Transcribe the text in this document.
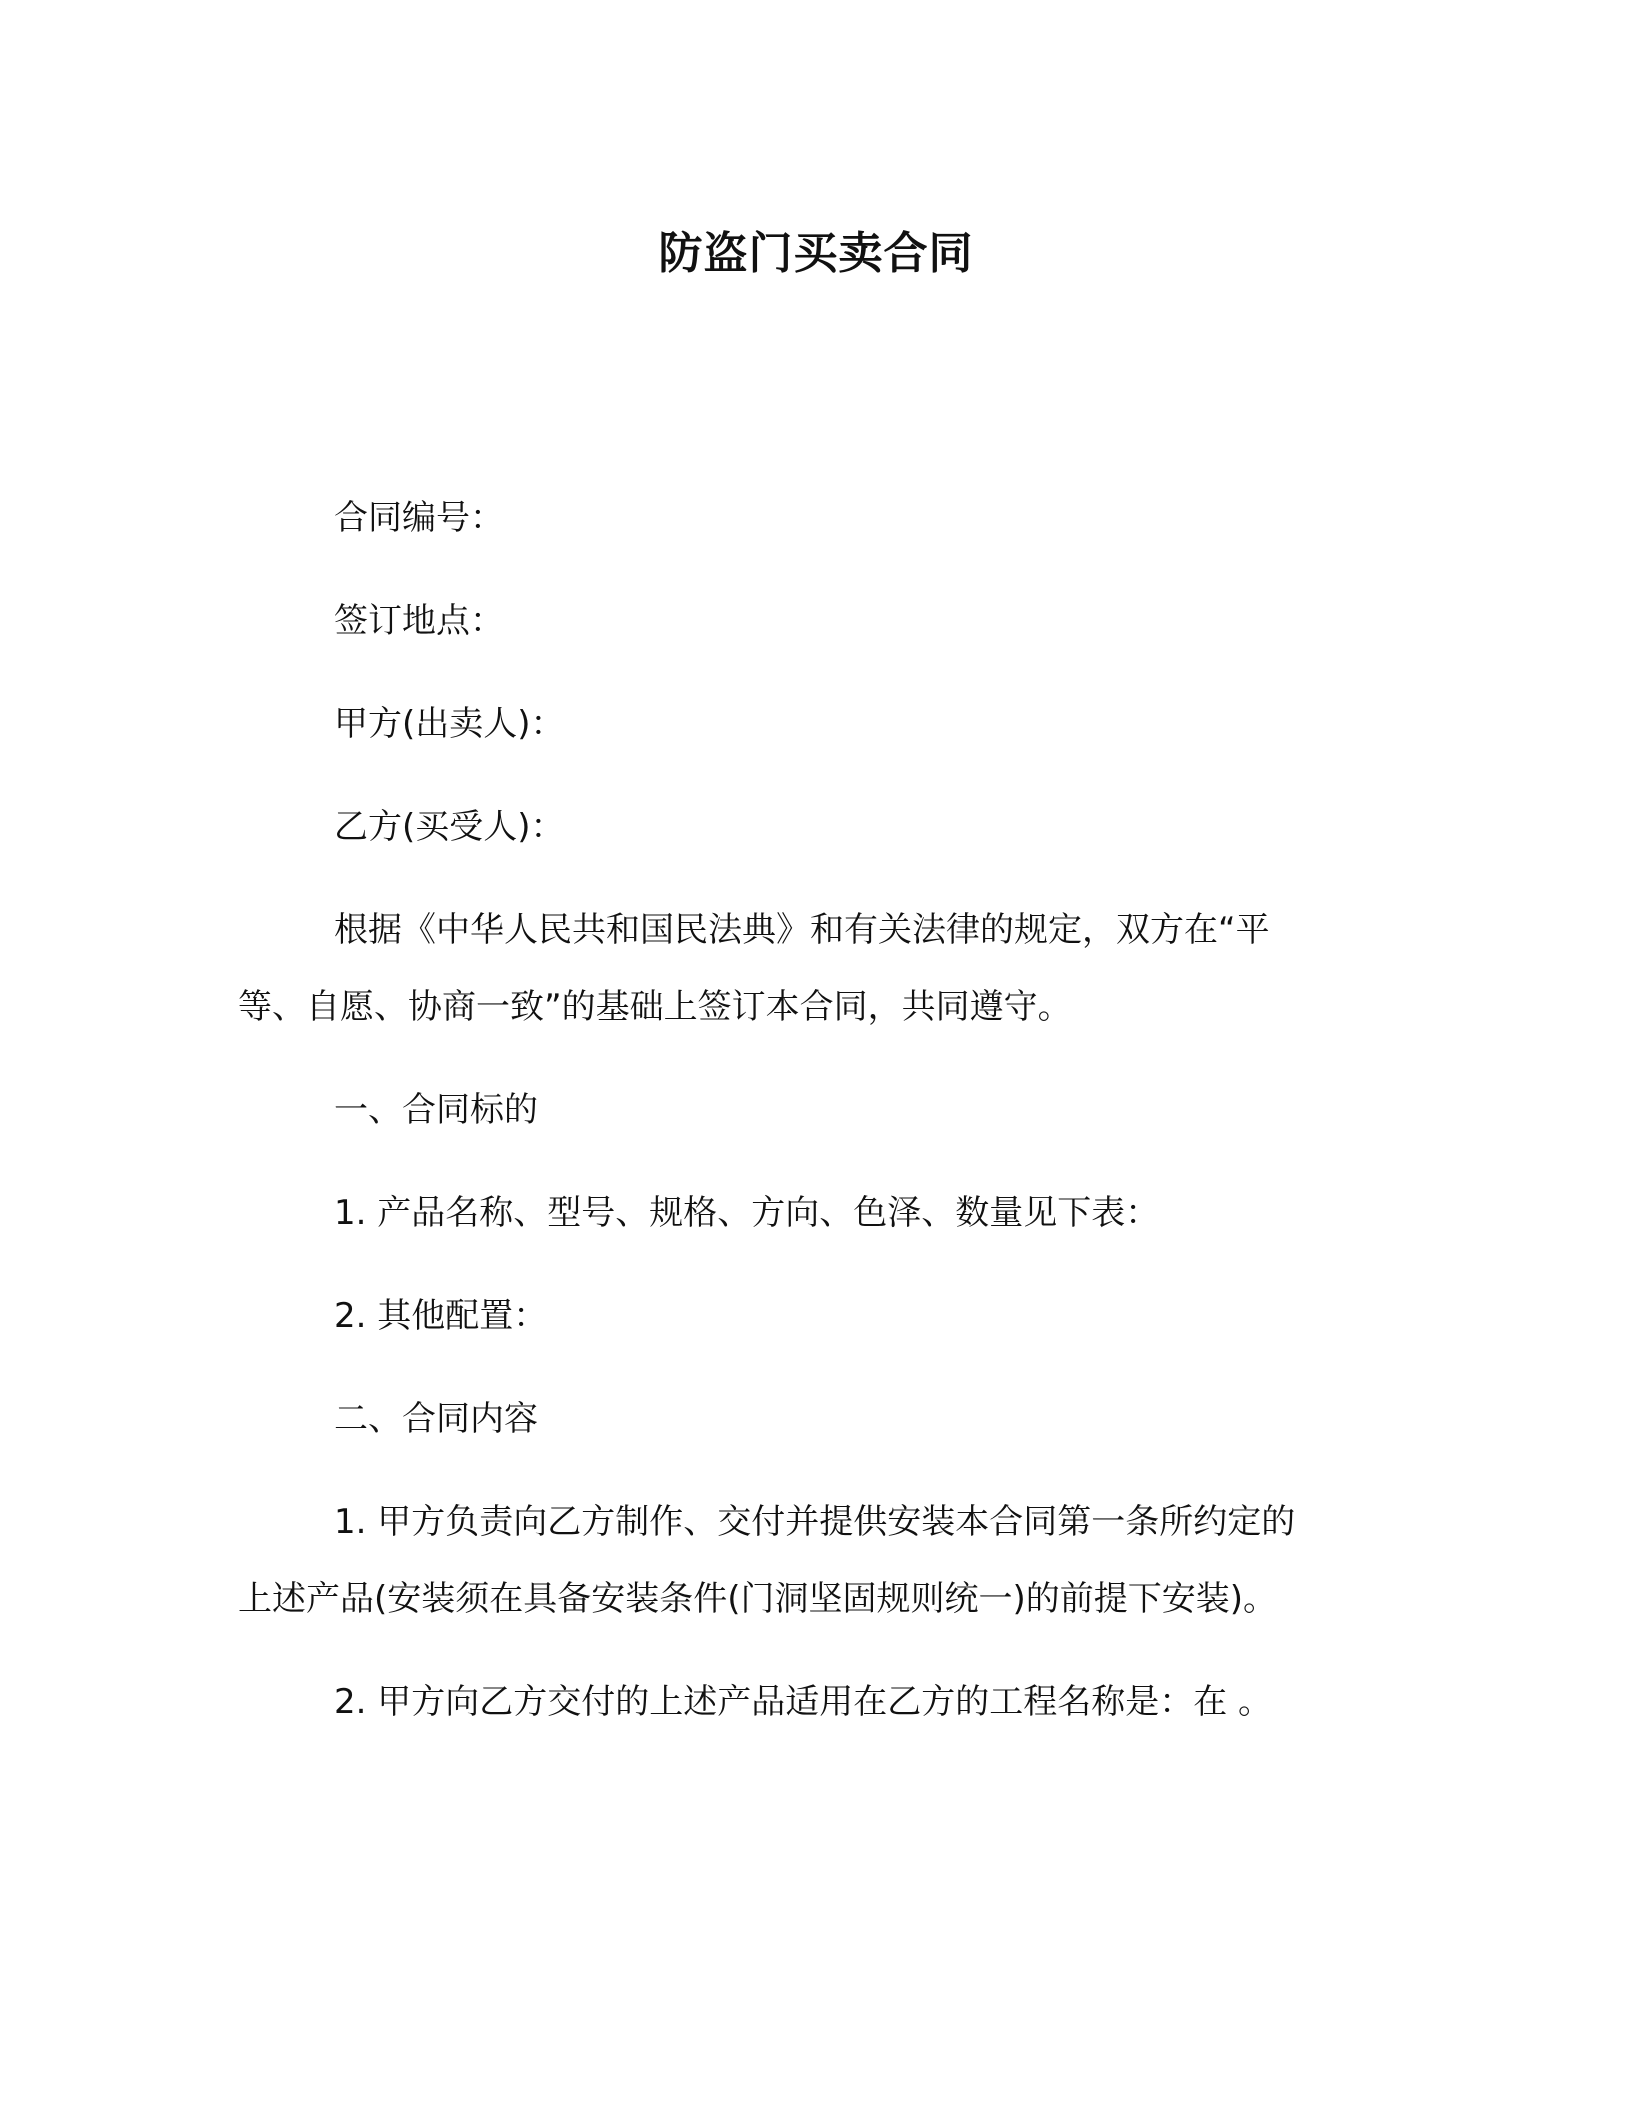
防盗门买卖合同
合同编号：
签订地点：
甲方(出卖人)：
乙方(买受人)：
根据《中华人民共和国民法典》和有关法律的规定，双方在“平
等、自愿、协商一致”的基础上签订本合同，共同遵守。
一、合同标的
1. 产品名称、型号、规格、方向、色泽、数量见下表：
2. 其他配置：
二、合同内容
1. 甲方负责向乙方制作、交付并提供安装本合同第一条所约定的
上述产品(安装须在具备安装条件(门洞坚固规则统一)的前提下安装)。
2. 甲方向乙方交付的上述产品适用在乙方的工程名称是：在 。
